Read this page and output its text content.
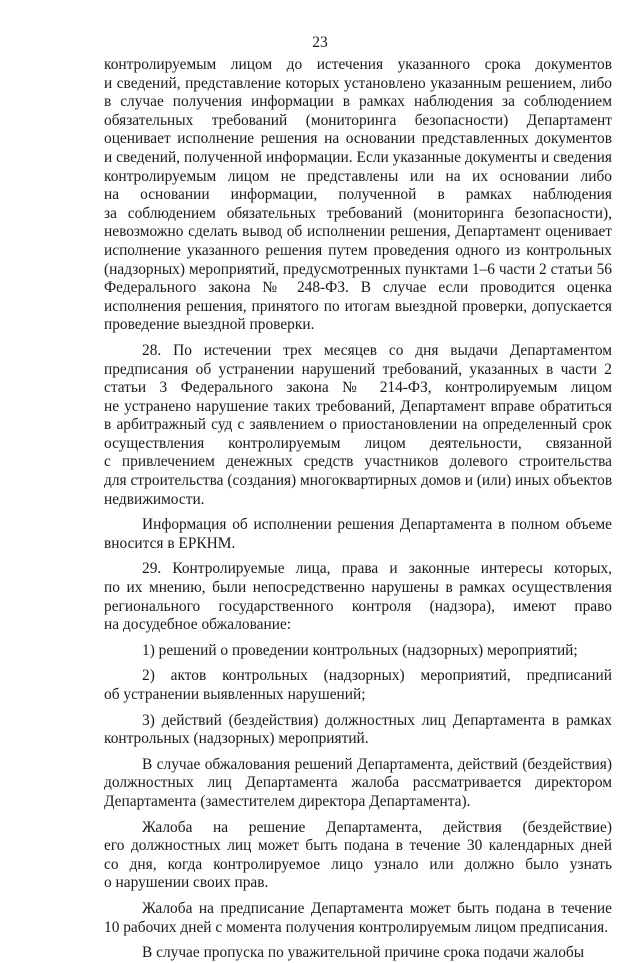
23
контролируемым лицом до истечения указанного срока документов
и сведений, представление которых установлено указанным решением, либо
в случае получения информации в рамках наблюдения за соблюдением
обязательных требований (мониторинга безопасности) Департамент
оценивает исполнение решения на основании представленных документов
и сведений, полученной информации. Если указанные документы и сведения
контролируемым лицом не представлены или на их основании либо
на основании информации, полученной в рамках наблюдения
за соблюдением обязательных требований (мониторинга безопасности),
невозможно сделать вывод об исполнении решения, Департамент оценивает
исполнение указанного решения путем проведения одного из контрольных
(надзорных) мероприятий, предусмотренных пунктами 1–6 части 2 статьи 56
Федерального закона № 248-ФЗ. В случае если проводится оценка
исполнения решения, принятого по итогам выездной проверки, допускается
проведение выездной проверки.
28. По истечении трех месяцев со дня выдачи Департаментом
предписания об устранении нарушений требований, указанных в части 2
статьи 3 Федерального закона № 214-ФЗ, контролируемым лицом
не устранено нарушение таких требований, Департамент вправе обратиться
в арбитражный суд с заявлением о приостановлении на определенный срок
осуществления контролируемым лицом деятельности, связанной
с привлечением денежных средств участников долевого строительства
для строительства (создания) многоквартирных домов и (или) иных объектов
недвижимости.
Информация об исполнении решения Департамента в полном объеме
вносится в ЕРКНМ.
29. Контролируемые лица, права и законные интересы которых,
по их мнению, были непосредственно нарушены в рамках осуществления
регионального государственного контроля (надзора), имеют право
на досудебное обжалование:
1) решений о проведении контрольных (надзорных) мероприятий;
2) актов контрольных (надзорных) мероприятий, предписаний
об устранении выявленных нарушений;
3) действий (бездействия) должностных лиц Департамента в рамках
контрольных (надзорных) мероприятий.
В случае обжалования решений Департамента, действий (бездействия)
должностных лиц Департамента жалоба рассматривается директором
Департамента (заместителем директора Департамента).
Жалоба на решение Департамента, действия (бездействие)
его должностных лиц может быть подана в течение 30 календарных дней
со дня, когда контролируемое лицо узнало или должно было узнать
о нарушении своих прав.
Жалоба на предписание Департамента может быть подана в течение
10 рабочих дней с момента получения контролируемым лицом предписания.
В случае пропуска по уважительной причине срока подачи жалобы
